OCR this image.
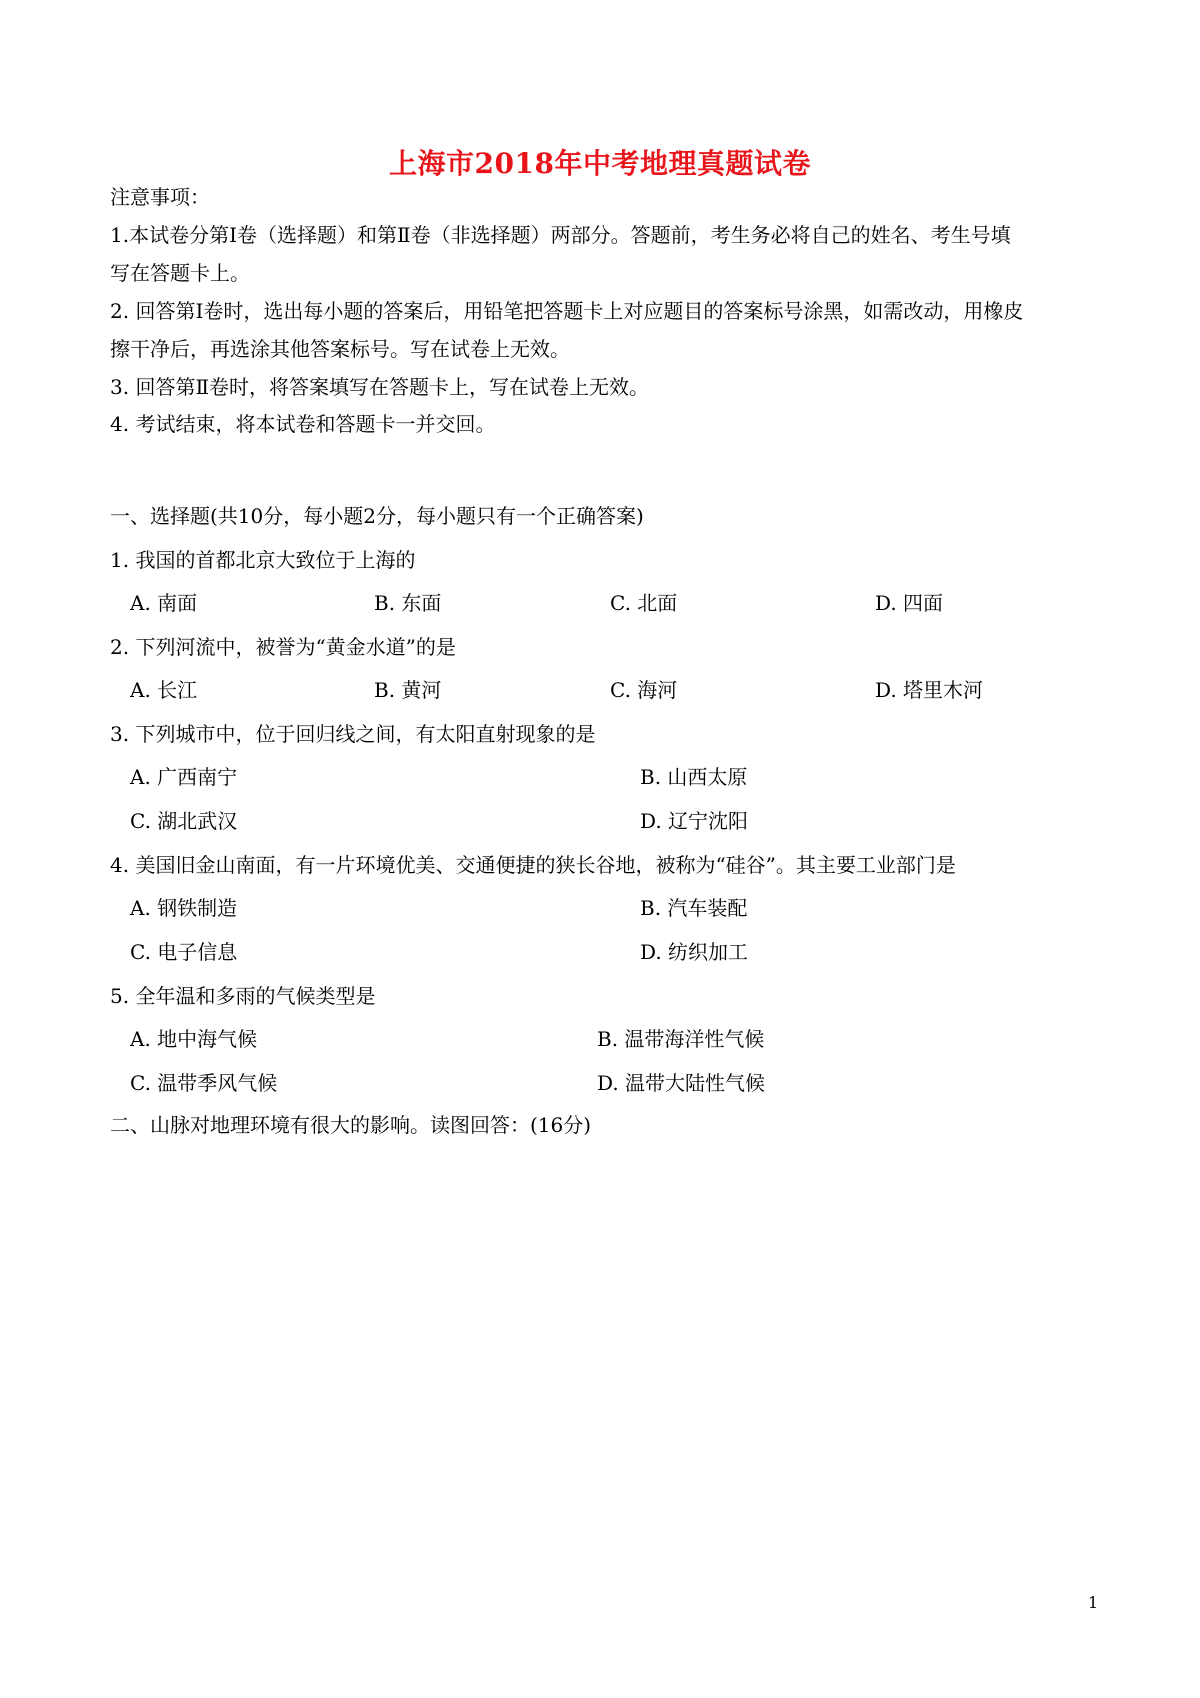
上海市2018年中考地理真题试卷
注意事项：
1.本试卷分第Ⅰ卷（选择题）和第Ⅱ卷（非选择题）两部分。答题前，考生务必将自己的姓名、考生号填
写在答题卡上。
2. 回答第Ⅰ卷时，选出每小题的答案后，用铅笔把答题卡上对应题目的答案标号涂黑，如需改动，用橡皮
擦干净后，再选涂其他答案标号。写在试卷上无效。
3. 回答第Ⅱ卷时，将答案填写在答题卡上，写在试卷上无效。
4. 考试结束，将本试卷和答题卡一并交回。
一、选择题(共10分，每小题2分，每小题只有一个正确答案)
1. 我国的首都北京大致位于上海的
A. 南面	B. 东面	C. 北面	D. 四面
2. 下列河流中，被誉为“黄金水道”的是
A. 长江	B. 黄河	C. 海河	D. 塔里木河
3. 下列城市中，位于回归线之间，有太阳直射现象的是
A. 广西南宁	B. 山西太原
C. 湖北武汉	D. 辽宁沈阳
4. 美国旧金山南面，有一片环境优美、交通便捷的狭长谷地，被称为“硅谷”。其主要工业部门是
A. 钢铁制造	B. 汽车装配
C. 电子信息	D. 纺织加工
5. 全年温和多雨的气候类型是
A. 地中海气候	B. 温带海洋性气候
C. 温带季风气候	D. 温带大陆性气候
二、山脉对地理环境有很大的影响。读图回答：(16分)
1
